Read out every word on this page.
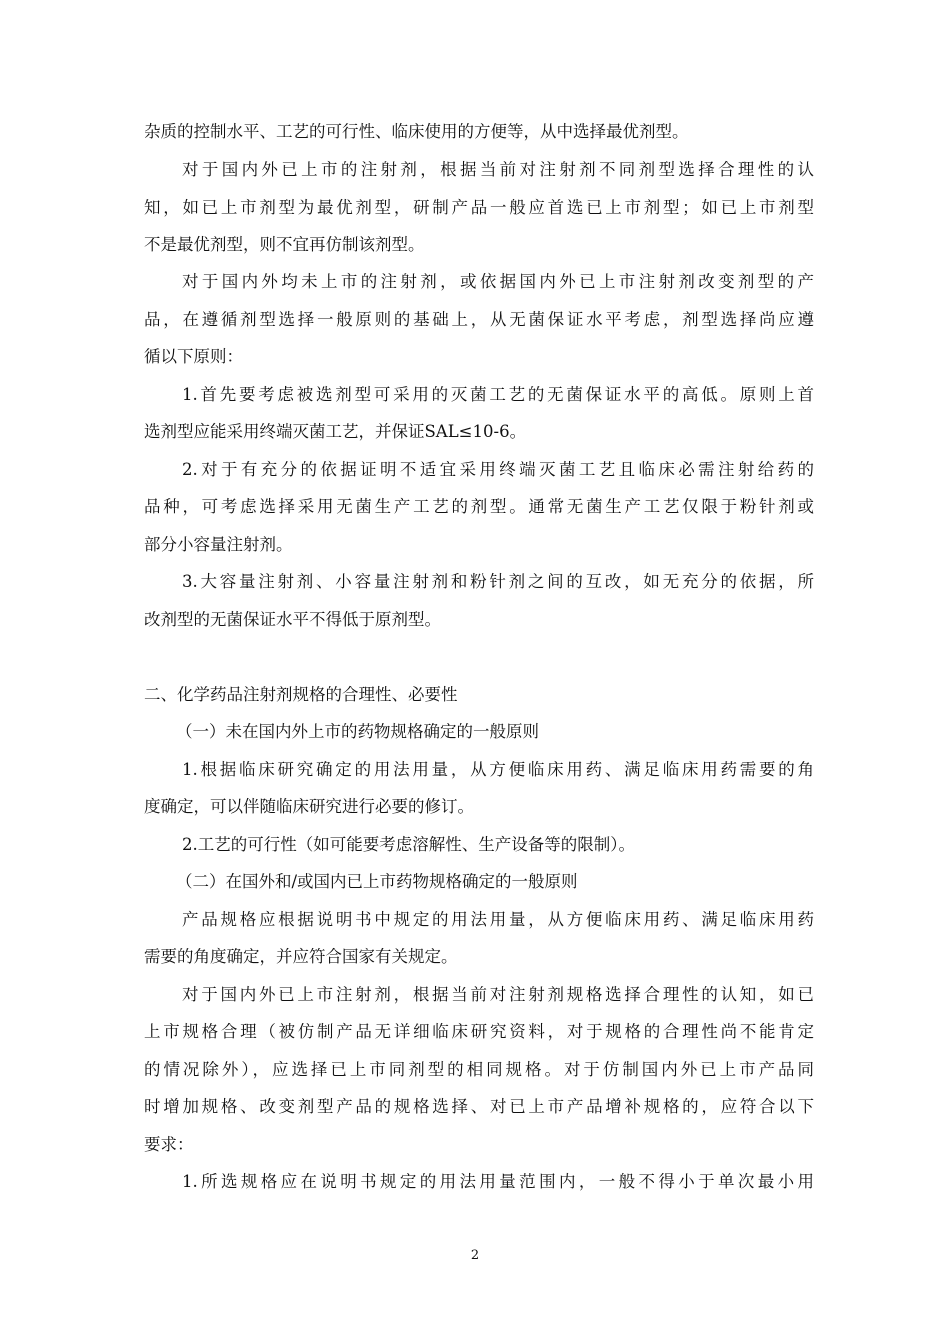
杂质的控制水平、工艺的可行性、临床使用的方便等，从中选择最优剂型。
对于国内外已上市的注射剂，根据当前对注射剂不同剂型选择合理性的认
知，如已上市剂型为最优剂型，研制产品一般应首选已上市剂型；如已上市剂型
不是最优剂型，则不宜再仿制该剂型。
对于国内外均未上市的注射剂，或依据国内外已上市注射剂改变剂型的产
品，在遵循剂型选择一般原则的基础上，从无菌保证水平考虑，剂型选择尚应遵
循以下原则：
1.首先要考虑被选剂型可采用的灭菌工艺的无菌保证水平的高低。原则上首
选剂型应能采用终端灭菌工艺，并保证SAL≤10-6。
2.对于有充分的依据证明不适宜采用终端灭菌工艺且临床必需注射给药的
品种，可考虑选择采用无菌生产工艺的剂型。通常无菌生产工艺仅限于粉针剂或
部分小容量注射剂。
3.大容量注射剂、小容量注射剂和粉针剂之间的互改，如无充分的依据，所
改剂型的无菌保证水平不得低于原剂型。
二、化学药品注射剂规格的合理性、必要性
（一）未在国内外上市的药物规格确定的一般原则
1.根据临床研究确定的用法用量，从方便临床用药、满足临床用药需要的角
度确定，可以伴随临床研究进行必要的修订。
2.工艺的可行性（如可能要考虑溶解性、生产设备等的限制）。
（二）在国外和/或国内已上市药物规格确定的一般原则
产品规格应根据说明书中规定的用法用量，从方便临床用药、满足临床用药
需要的角度确定，并应符合国家有关规定。
对于国内外已上市注射剂，根据当前对注射剂规格选择合理性的认知，如已
上市规格合理（被仿制产品无详细临床研究资料，对于规格的合理性尚不能肯定
的情况除外），应选择已上市同剂型的相同规格。对于仿制国内外已上市产品同
时增加规格、改变剂型产品的规格选择、对已上市产品增补规格的，应符合以下
要求：
1.所选规格应在说明书规定的用法用量范围内，一般不得小于单次最小用
2
